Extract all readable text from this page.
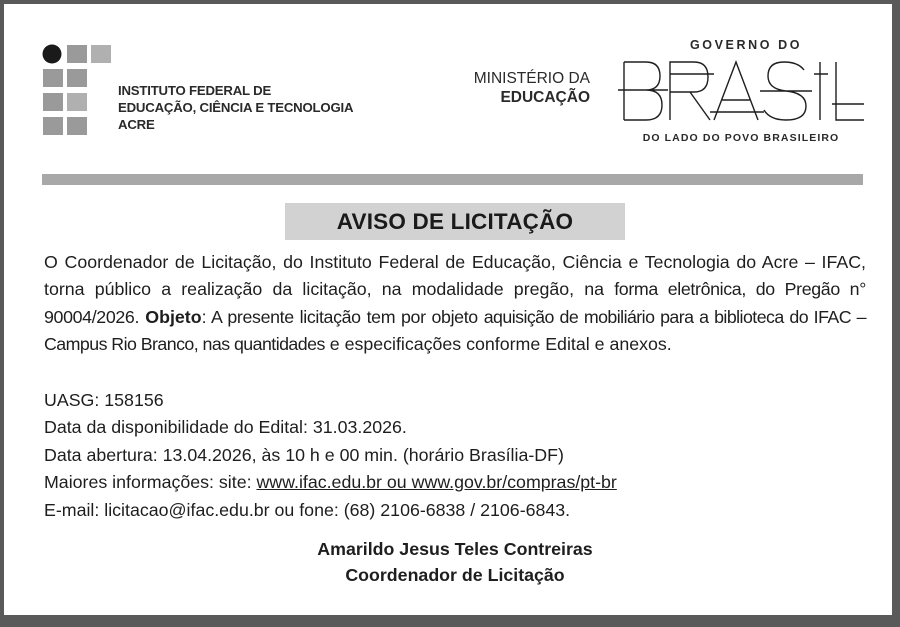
INSTITUTO FEDERAL DE
EDUCAÇÃO, CIÊNCIA E TECNOLOGIA
ACRE
MINISTÉRIO DA
EDUCAÇÃO
GOVERNO DO
DO LADO DO POVO BRASILEIRO
AVISO DE LICITAÇÃO
O Coordenador de Licitação, do Instituto Federal de Educação, Ciência e Tecnologia do Acre – IFAC, torna público a realização da licitação, na modalidade pregão, na forma eletrônica, do Pregão n° 90004/2026. Objeto: A presente licitação tem por objeto aquisição de mobiliário para a biblioteca do IFAC – Campus Rio Branco, nas quantidades e especificações conforme Edital e anexos.
UASG: 158156
Data da disponibilidade do Edital: 31.03.2026.
Data abertura: 13.04.2026, às 10 h e 00 min. (horário Brasília-DF)
Maiores informações: site: www.ifac.edu.br ou www.gov.br/compras/pt-br
E-mail: licitacao@ifac.edu.br ou fone: (68) 2106-6838 / 2106-6843.
Amarildo Jesus Teles Contreiras
Coordenador de Licitação
